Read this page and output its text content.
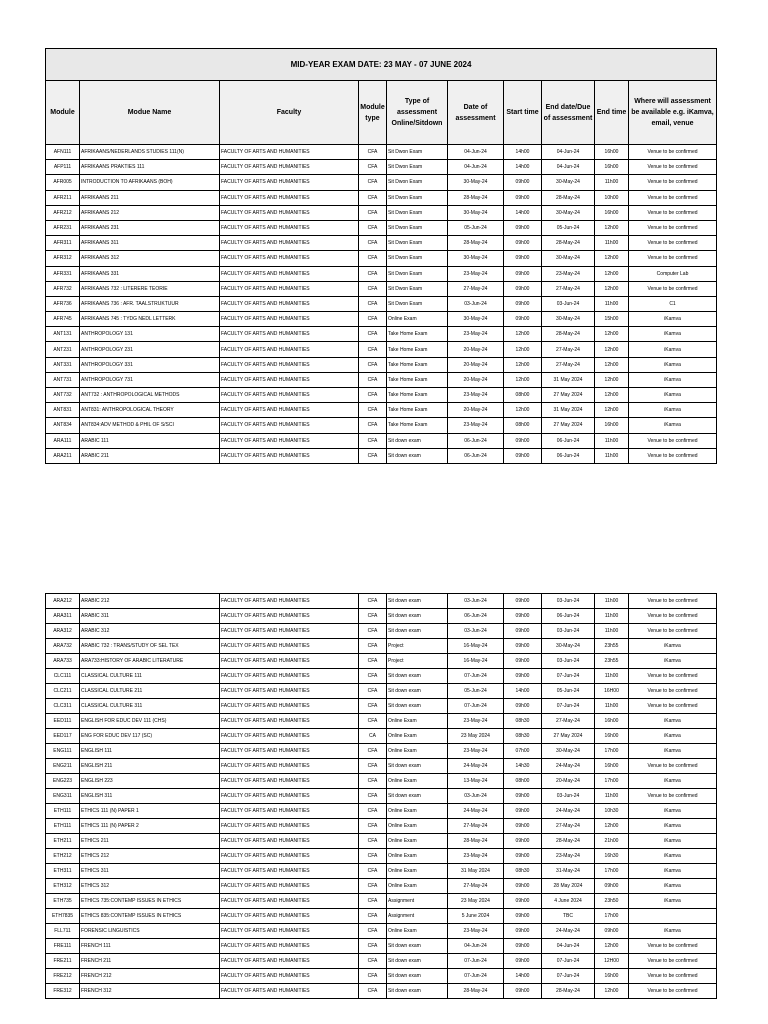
MID-YEAR EXAM DATE: 23 MAY - 07 JUNE 2024									
Module	Modue Name	Faculty	Module type	Type of assessment Online/Sitdown	Date of assessment	Start time	End date/Due of assessment	End time	Where will assessment be available e.g. iKamva, email, venue
AFN111	AFRIKAANS/NEDERLANDS STUDIES 111(N)	FACULTY OF ARTS AND HUMANITIES	CFA	Sit Dwon Exam	04-Jun-24	14h00	04-Jun-24	16h00	Venue to be confirmed
AFP111	AFRIKAANS PRAKTIES 111	FACULTY OF ARTS AND HUMANITIES	CFA	Sit Dwon Exam	04-Jun-24	14h00	04-Jun-24	16h00	Venue to be confirmed
AFR005	INTRODUCTION TO AFRIKAANS (BOH)	FACULTY OF ARTS AND HUMANITIES	CFA	Sit Dwon Exam	30-May-24	09h00	30-May-24	11h00	Venue to be confirmed
AFR211	AFRIKAANS 211	FACULTY OF ARTS AND HUMANITIES	CFA	Sit Dwon Exam	28-May-24	09h00	28-May-24	10h00	Venue to be confirmed
AFR212	AFRIKAANS 212	FACULTY OF ARTS AND HUMANITIES	CFA	Sit Dwon Exam	30-May-24	14h00	30-May-24	16h00	Venue to be confirmed
AFR231	AFRIKAANS 231	FACULTY OF ARTS AND HUMANITIES	CFA	Sit Dwon Exam	05-Jun-24	09h00	05-Jun-24	12h00	Venue to be confirmed
AFR311	AFRIKAANS 311	FACULTY OF ARTS AND HUMANITIES	CFA	Sit Dwon Exam	28-May-24	09h00	28-May-24	11h00	Venue to be confirmed
AFR312	AFRIKAANS 312	FACULTY OF ARTS AND HUMANITIES	CFA	Sit Dwon Exam	30-May-24	09h00	30-May-24	12h00	Venue to be confirmed
AFR331	AFRIKAANS 331	FACULTY OF ARTS AND HUMANITIES	CFA	Sit Dwon Exam	23-May-24	09h00	23-May-24	12h00	Computer Lab
AFR732	AFRIKAANS 732 : LITERERE TEORIE	FACULTY OF ARTS AND HUMANITIES	CFA	Sit Dwon Exam	27-May-24	09h00	27-May-24	12h00	Venue to be confirmed
AFR736	AFRIKAANS 736 : AFR. TAALSTRUKTUUR	FACULTY OF ARTS AND HUMANITIES	CFA	Sit Dwon Exam	03-Jun-24	09h00	03-Jun-24	11h00	C1
AFR745	AFRIKAANS 745 : TYDG NEDL LETTERK	FACULTY OF ARTS AND HUMANITIES	CFA	Online Exam	30-May-24	09h00	30-May-24	15h00	iKamva
ANT131	ANTHROPOLOGY 131	FACULTY OF ARTS AND HUMANITIES	CFA	Take Home Exam	23-May-24	12h00	28-May-24	12h00	iKamva
ANT231	ANTHROPOLOGY 231	FACULTY OF ARTS AND HUMANITIES	CFA	Take Home Exam	20-May-24	12h00	27-May-24	12h00	iKamva
ANT331	ANTHROPOLOGY 331	FACULTY OF ARTS AND HUMANITIES	CFA	Take Home Exam	20-May-24	12h00	27-May-24	12h00	iKamva
ANT731	ANTHROPOLOGY 731	FACULTY OF ARTS AND HUMANITIES	CFA	Take Home Exam	20-May-24	12h00	31 May 2024	12h00	iKamva
ANT732	ANT732 : ANTHROPOLOGICAL METHODS	FACULTY OF ARTS AND HUMANITIES	CFA	Take Home Exam	23-May-24	08h00	27 May 2024	12h00	iKamva
ANT831	ANT831: ANTHROPOLOGICAL THEORY	FACULTY OF ARTS AND HUMANITIES	CFA	Take Home Exam	20-May-24	12h00	31 May 2024	12h00	iKamva
ANT834	ANT834:ADV METHOD & PHIL OF S/SCI	FACULTY OF ARTS AND HUMANITIES	CFA	Take Home Exam	23-May-24	08h00	27 May 2024	16h00	iKamva
ARA111	ARABIC 111	FACULTY OF ARTS AND HUMANITIES	CFA	Sit down exam	06-Jun-24	09h00	06-Jun-24	11h00	Venue to be confirmed
ARA211	ARABIC 211	FACULTY OF ARTS AND HUMANITIES	CFA	Sit down exam	06-Jun-24	09h00	06-Jun-24	11h00	Venue to be confirmed
ARA212	ARABIC 212	FACULTY OF ARTS AND HUMANITIES	CFA	Sit down exam	03-Jun-24	09h00	03-Jun-24	11h00	Venue to be confirmed
ARA311	ARABIC 311	FACULTY OF ARTS AND HUMANITIES	CFA	Sit down exam	06-Jun-24	09h00	06-Jun-24	11h00	Venue to be confirmed
ARA312	ARABIC 312	FACULTY OF ARTS AND HUMANITIES	CFA	Sit down exam	03-Jun-24	09h00	03-Jun-24	11h00	Venue to be confirmed
ARA732	ARABIC 732 : TRANS/STUDY OF SEL TEX	FACULTY OF ARTS AND HUMANITIES	CFA	Project	16-May-24	09h00	30-May-24	23h55	iKamva
ARA733	ARA733:HISTORY OF ARABIC LITERATURE	FACULTY OF ARTS AND HUMANITIES	CFA	Project	16-May-24	09h00	03-Jun-24	23h55	iKamva
CLC111	CLASSICAL CULTURE 111	FACULTY OF ARTS AND HUMANITIES	CFA	Sit down exam	07-Jun-24	09h00	07-Jun-24	11h00	Venue to be confirmed
CLC211	CLASSICAL CULTURE 211	FACULTY OF ARTS AND HUMANITIES	CFA	Sit down exam	05-Jun-24	14h00	05-Jun-24	16H00	Venue to be confirmed
CLC311	CLASSICAL CULTURE 311	FACULTY OF ARTS AND HUMANITIES	CFA	Sit down exam	07-Jun-24	09h00	07-Jun-24	11h00	Venue to be confirmed
EED111	ENGLISH FOR EDUC DEV 111 (CHS)	FACULTY OF ARTS AND HUMANITIES	CFA	Online Exam	23-May-24	08h30	27-May-24	16h00	iKamva
EED117	ENG FOR EDUC DEV 117 (SC)	FACULTY OF ARTS AND HUMANITIES	CA	Online Exam	23 May 2024	08h30	27 May 2024	16h00	iKamva
ENG111	ENGLISH 111	FACULTY OF ARTS AND HUMANITIES	CFA	Online Exam	23-May-24	07h00	30-May-24	17h00	iKamva
ENG211	ENGLISH 211	FACULTY OF ARTS AND HUMANITIES	CFA	Sit down exam	24-May-24	14h30	24-May-24	16h00	Venue to be confirmed
ENG223	ENGLISH 223	FACULTY OF ARTS AND HUMANITIES	CFA	Online Exam	13-May-24	08h00	20-May-24	17h00	iKamva
ENG311	ENGLISH 311	FACULTY OF ARTS AND HUMANITIES	CFA	Sit down exam	03-Jun-24	09h00	03-Jun-24	11h00	Venue to be confirmed
ETH111	ETHICS 111 (N) PAPER 1	FACULTY OF ARTS AND HUMANITIES	CFA	Online Exam	24-May-24	09h00	24-May-24	10h30	iKamva
ETH111	ETHICS 111 (N) PAPER 2	FACULTY OF ARTS AND HUMANITIES	CFA	Online Exam	27-May-24	09h00	27-May-24	12h00	iKamva
ETH211	ETHICS 211	FACULTY OF ARTS AND HUMANITIES	CFA	Online Exam	28-May-24	09h00	28-May-24	21h00	iKamva
ETH212	ETHICS 212	FACULTY OF ARTS AND HUMANITIES	CFA	Online Exam	23-May-24	09h00	23-May-24	16h30	iKamva
ETH311	ETHICS 311	FACULTY OF ARTS AND HUMANITIES	CFA	Online Exam	31 May 2024	08h30	31-May-24	17h00	iKamva
ETH312	ETHICS 312	FACULTY OF ARTS AND HUMANITIES	CFA	Online Exam	27-May-24	09h00	28 May 2024	09h00	iKamva
ETH735	ETHICS 735:CONTEMP ISSUES IN ETHICS	FACULTY OF ARTS AND HUMANITIES	CFA	Assignment	23 May 2024	09h00	4 June 2024	23h50	iKamva
ETH7835	ETHICS 835:CONTEMP ISSUES IN ETHICS	FACULTY OF ARTS AND HUMANITIES	CFA	Assignment	5 June 2024	09h00	TBC	17h00	
FLL711	FORENSIC LINGUISTICS	FACULTY OF ARTS AND HUMANITIES	CFA	Online Exam	23-May-24	09h00	24-May-24	09h00	iKamva
FRE111	FRENCH 111	FACULTY OF ARTS AND HUMANITIES	CFA	Sit down exam	04-Jun-24	09h00	04-Jun-24	12h00	Venue to be confirmed
FRE211	FRENCH 211	FACULTY OF ARTS AND HUMANITIES	CFA	Sit down exam	07-Jun-24	09h00	07-Jun-24	12H00	Venue to be confirmed
FRE212	FRENCH 212	FACULTY OF ARTS AND HUMANITIES	CFA	Sit down exam	07-Jun-24	14h00	07-Jun-24	16h00	Venue to be confirmed
FRE312	FRENCH 312	FACULTY OF ARTS AND HUMANITIES	CFA	Sit down exam	28-May-24	09h00	28-May-24	12h00	Venue to be confirmed
